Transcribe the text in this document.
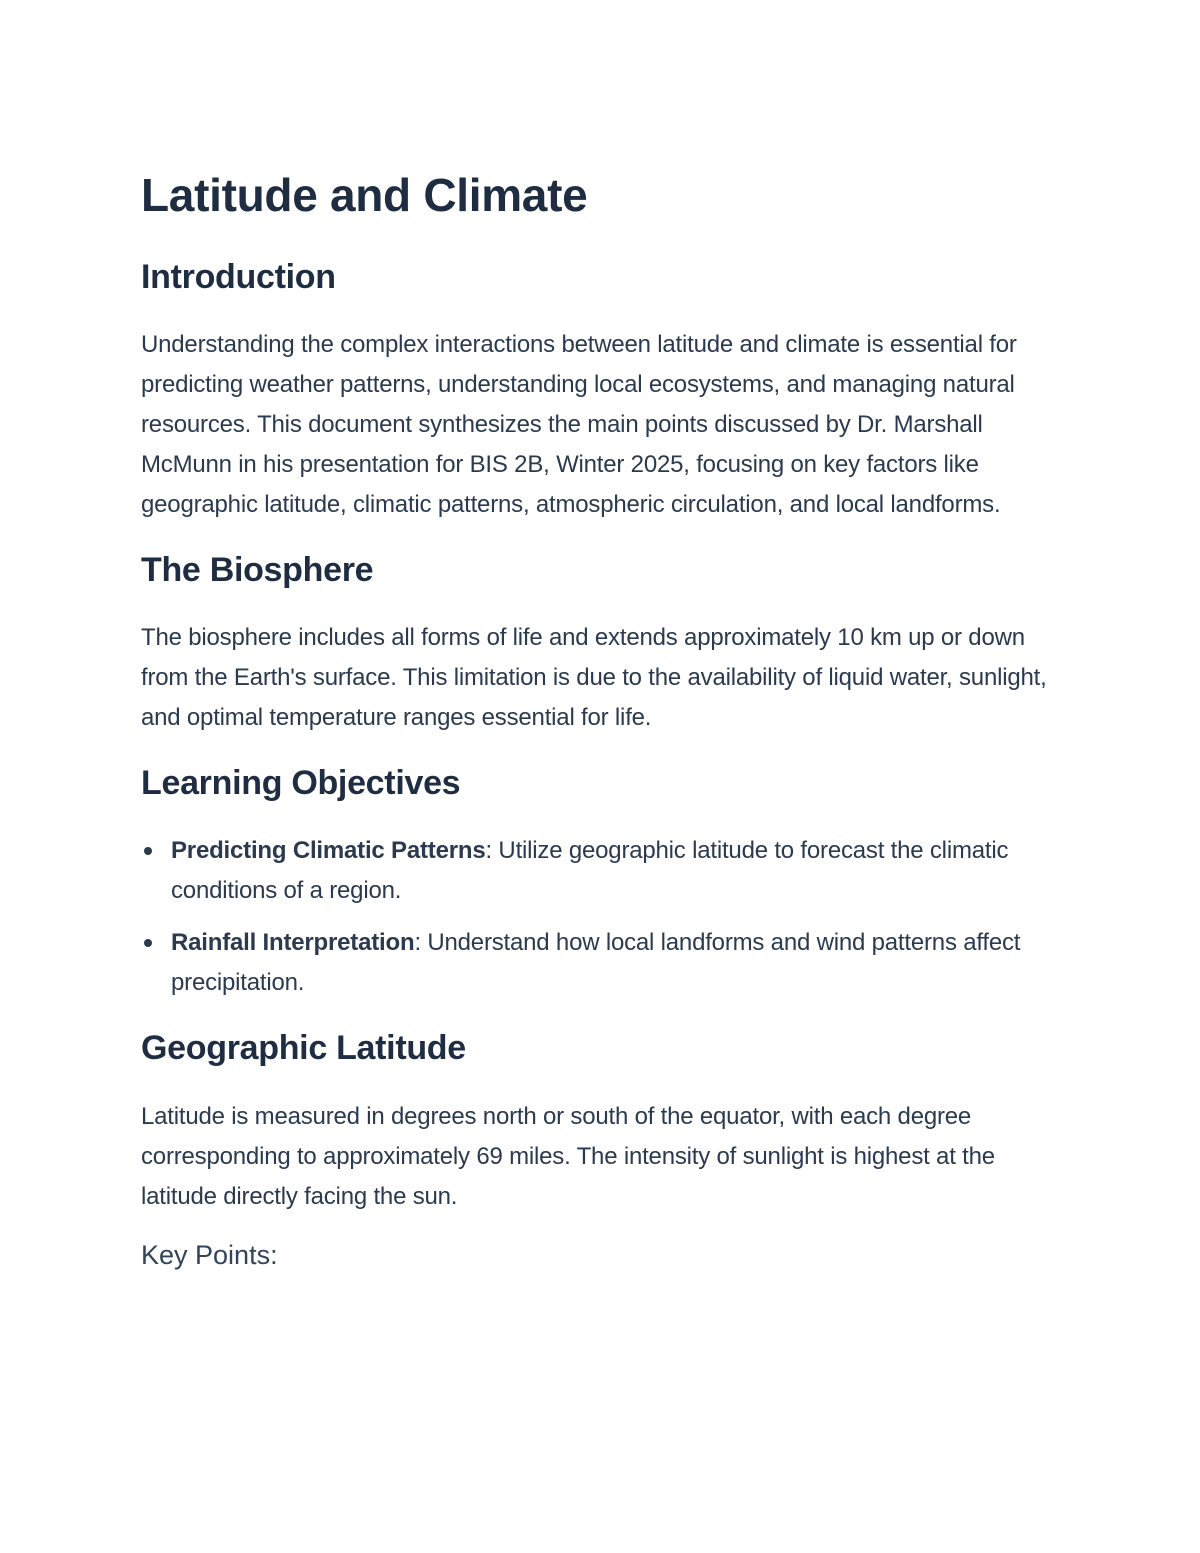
Latitude and Climate
Introduction

Understanding the complex interactions between latitude and climate is essential for predicting weather patterns, understanding local ecosystems, and managing natural resources. This document synthesizes the main points discussed by Dr. Marshall McMunn in his presentation for BIS 2B, Winter 2025, focusing on key factors like geographic latitude, climatic patterns, atmospheric circulation, and local landforms.

The Biosphere

The biosphere includes all forms of life and extends approximately 10 km up or down from the Earth's surface. This limitation is due to the availability of liquid water, sunlight, and optimal temperature ranges essential for life.

Learning Objectives
Predicting Climatic Patterns: Utilize geographic latitude to forecast the climatic conditions of a region.
Rainfall Interpretation: Understand how local landforms and wind patterns affect precipitation.
Geographic Latitude

Latitude is measured in degrees north or south of the equator, with each degree corresponding to approximately 69 miles. The intensity of sunlight is highest at the latitude directly facing the sun.

Key Points:
